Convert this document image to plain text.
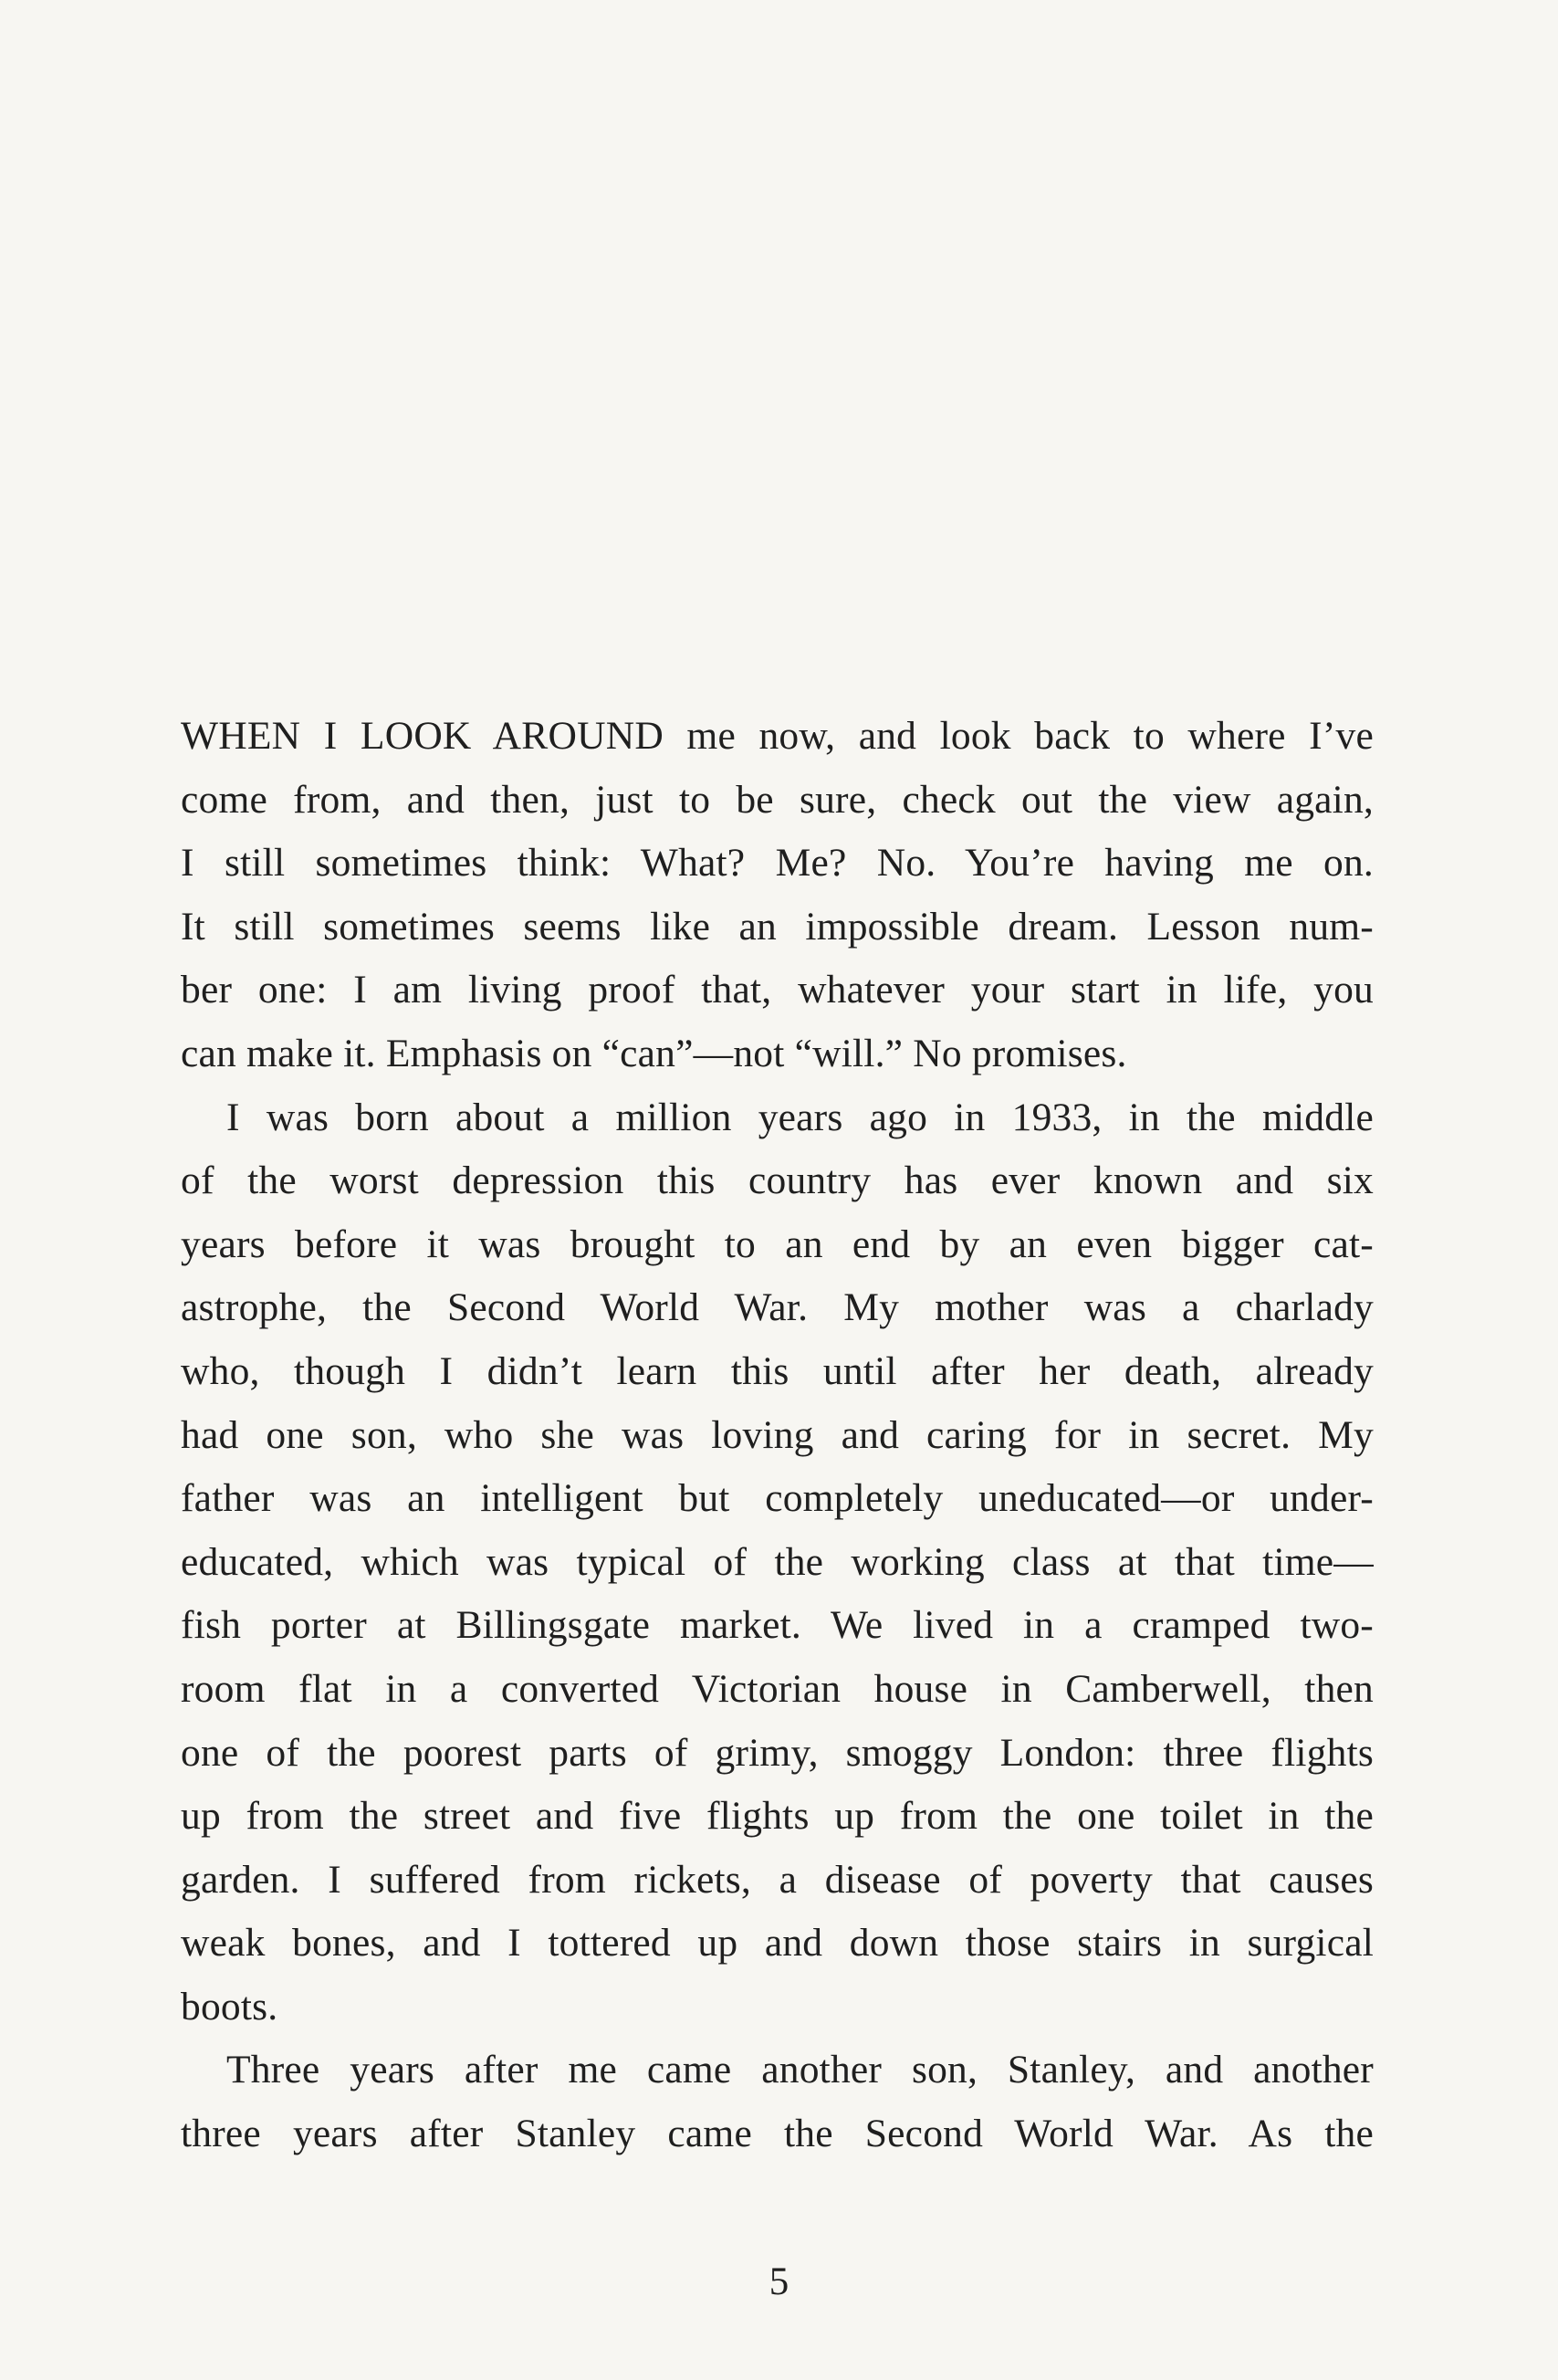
WHEN I LOOK AROUND me now, and look back to where I’ve
come from, and then, just to be sure, check out the view again,
I still sometimes think: What? Me? No. You’re having me on.
It still sometimes seems like an impossible dream. Lesson num-
ber one: I am living proof that, whatever your start in life, you
can make it. Emphasis on “can”—not “will.” No promises.
I was born about a million years ago in 1933, in the middle
of the worst depression this country has ever known and six
years before it was brought to an end by an even bigger cat-
astrophe, the Second World War. My mother was a charlady
who, though I didn’t learn this until after her death, already
had one son, who she was loving and caring for in secret. My
father was an intelligent but completely uneducated—or under-
educated, which was typical of the working class at that time—
fish porter at Billingsgate market. We lived in a cramped two-
room flat in a converted Victorian house in Camberwell, then
one of the poorest parts of grimy, smoggy London: three flights
up from the street and five flights up from the one toilet in the
garden. I suffered from rickets, a disease of poverty that causes
weak bones, and I tottered up and down those stairs in surgical
boots.
Three years after me came another son, Stanley, and another
three years after Stanley came the Second World War. As the
5
